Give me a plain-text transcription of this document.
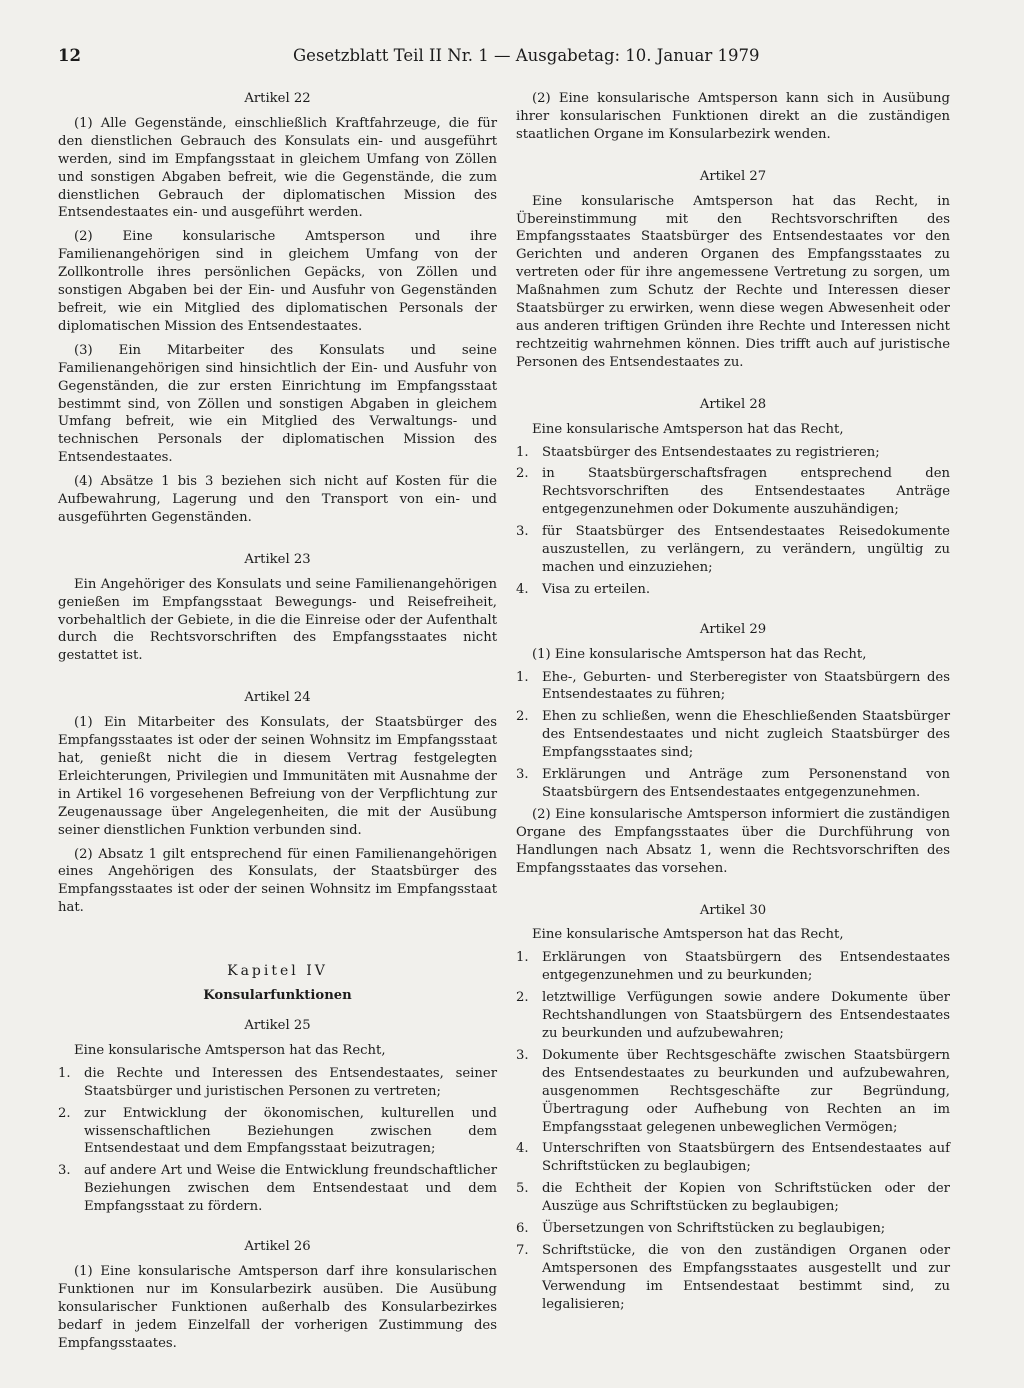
12	Gesetzblatt Teil II Nr. 1 — Ausgabetag: 10. Januar 1979
Artikel 22
(1) Alle Gegenstände, einschließlich Kraftfahrzeuge, die für den dienstlichen Gebrauch des Konsulats ein- und ausgeführt werden, sind im Empfangsstaat in gleichem Umfang von Zöllen und sonstigen Abgaben befreit, wie die Gegenstände, die zum dienstlichen Gebrauch der diplomatischen Mission des Entsendestaates ein- und ausgeführt werden.
(2) Eine konsularische Amtsperson und ihre Familienangehörigen sind in gleichem Umfang von der Zollkontrolle ihres persönlichen Gepäcks, von Zöllen und sonstigen Abgaben bei der Ein- und Ausfuhr von Gegenständen befreit, wie ein Mitglied des diplomatischen Personals der diplomatischen Mission des Entsendestaates.
(3) Ein Mitarbeiter des Konsulats und seine Familienangehörigen sind hinsichtlich der Ein- und Ausfuhr von Gegenständen, die zur ersten Einrichtung im Empfangsstaat bestimmt sind, von Zöllen und sonstigen Abgaben in gleichem Umfang befreit, wie ein Mitglied des Verwaltungs- und technischen Personals der diplomatischen Mission des Entsendestaates.
(4) Absätze 1 bis 3 beziehen sich nicht auf Kosten für die Aufbewahrung, Lagerung und den Transport von ein- und ausgeführten Gegenständen.
Artikel 23
Ein Angehöriger des Konsulats und seine Familienangehörigen genießen im Empfangsstaat Bewegungs- und Reisefreiheit, vorbehaltlich der Gebiete, in die die Einreise oder der Aufenthalt durch die Rechtsvorschriften des Empfangsstaates nicht gestattet ist.
Artikel 24
(1) Ein Mitarbeiter des Konsulats, der Staatsbürger des Empfangsstaates ist oder der seinen Wohnsitz im Empfangsstaat hat, genießt nicht die in diesem Vertrag festgelegten Erleichterungen, Privilegien und Immunitäten mit Ausnahme der in Artikel 16 vorgesehenen Befreiung von der Verpflichtung zur Zeugenaussage über Angelegenheiten, die mit der Ausübung seiner dienstlichen Funktion verbunden sind.
(2) Absatz 1 gilt entsprechend für einen Familienangehörigen eines Angehörigen des Konsulats, der Staatsbürger des Empfangsstaates ist oder der seinen Wohnsitz im Empfangsstaat hat.
Kapitel IV
Konsularfunktionen
Artikel 25
Eine konsularische Amtsperson hat das Recht,
1.	die Rechte und Interessen des Entsendestaates, seiner Staatsbürger und juristischen Personen zu vertreten;
2.	zur Entwicklung der ökonomischen, kulturellen und wissenschaftlichen Beziehungen zwischen dem Entsendestaat und dem Empfangsstaat beizutragen;
3.	auf andere Art und Weise die Entwicklung freundschaftlicher Beziehungen zwischen dem Entsendestaat und dem Empfangsstaat zu fördern.
Artikel 26
(1) Eine konsularische Amtsperson darf ihre konsularischen Funktionen nur im Konsularbezirk ausüben. Die Ausübung konsularischer Funktionen außerhalb des Konsularbezirkes bedarf in jedem Einzelfall der vorherigen Zustimmung des Empfangsstaates.
(2) Eine konsularische Amtsperson kann sich in Ausübung ihrer konsularischen Funktionen direkt an die zuständigen staatlichen Organe im Konsularbezirk wenden.
Artikel 27
Eine konsularische Amtsperson hat das Recht, in Übereinstimmung mit den Rechtsvorschriften des Empfangsstaates Staatsbürger des Entsendestaates vor den Gerichten und anderen Organen des Empfangsstaates zu vertreten oder für ihre angemessene Vertretung zu sorgen, um Maßnahmen zum Schutz der Rechte und Interessen dieser Staatsbürger zu erwirken, wenn diese wegen Abwesenheit oder aus anderen triftigen Gründen ihre Rechte und Interessen nicht rechtzeitig wahrnehmen können. Dies trifft auch auf juristische Personen des Entsendestaates zu.
Artikel 28
Eine konsularische Amtsperson hat das Recht,
1.	Staatsbürger des Entsendestaates zu registrieren;
2.	in Staatsbürgerschaftsfragen entsprechend den Rechtsvorschriften des Entsendestaates Anträge entgegenzunehmen oder Dokumente auszuhändigen;
3.	für Staatsbürger des Entsendestaates Reisedokumente auszustellen, zu verlängern, zu verändern, ungültig zu machen und einzuziehen;
4.	Visa zu erteilen.
Artikel 29
(1) Eine konsularische Amtsperson hat das Recht,
1.	Ehe-, Geburten- und Sterberegister von Staatsbürgern des Entsendestaates zu führen;
2.	Ehen zu schließen, wenn die Eheschließenden Staatsbürger des Entsendestaates und nicht zugleich Staatsbürger des Empfangsstaates sind;
3.	Erklärungen und Anträge zum Personenstand von Staatsbürgern des Entsendestaates entgegenzunehmen.
(2) Eine konsularische Amtsperson informiert die zuständigen Organe des Empfangsstaates über die Durchführung von Handlungen nach Absatz 1, wenn die Rechtsvorschriften des Empfangsstaates das vorsehen.
Artikel 30
Eine konsularische Amtsperson hat das Recht,
1.	Erklärungen von Staatsbürgern des Entsendestaates entgegenzunehmen und zu beurkunden;
2.	letztwillige Verfügungen sowie andere Dokumente über Rechtshandlungen von Staatsbürgern des Entsendestaates zu beurkunden und aufzubewahren;
3.	Dokumente über Rechtsgeschäfte zwischen Staatsbürgern des Entsendestaates zu beurkunden und aufzubewahren, ausgenommen Rechtsgeschäfte zur Begründung, Übertragung oder Aufhebung von Rechten an im Empfangsstaat gelegenen unbeweglichen Vermögen;
4.	Unterschriften von Staatsbürgern des Entsendestaates auf Schriftstücken zu beglaubigen;
5.	die Echtheit der Kopien von Schriftstücken oder der Auszüge aus Schriftstücken zu beglaubigen;
6.	Übersetzungen von Schriftstücken zu beglaubigen;
7.	Schriftstücke, die von den zuständigen Organen oder Amtspersonen des Empfangsstaates ausgestellt und zur Verwendung im Entsendestaat bestimmt sind, zu legalisieren;
